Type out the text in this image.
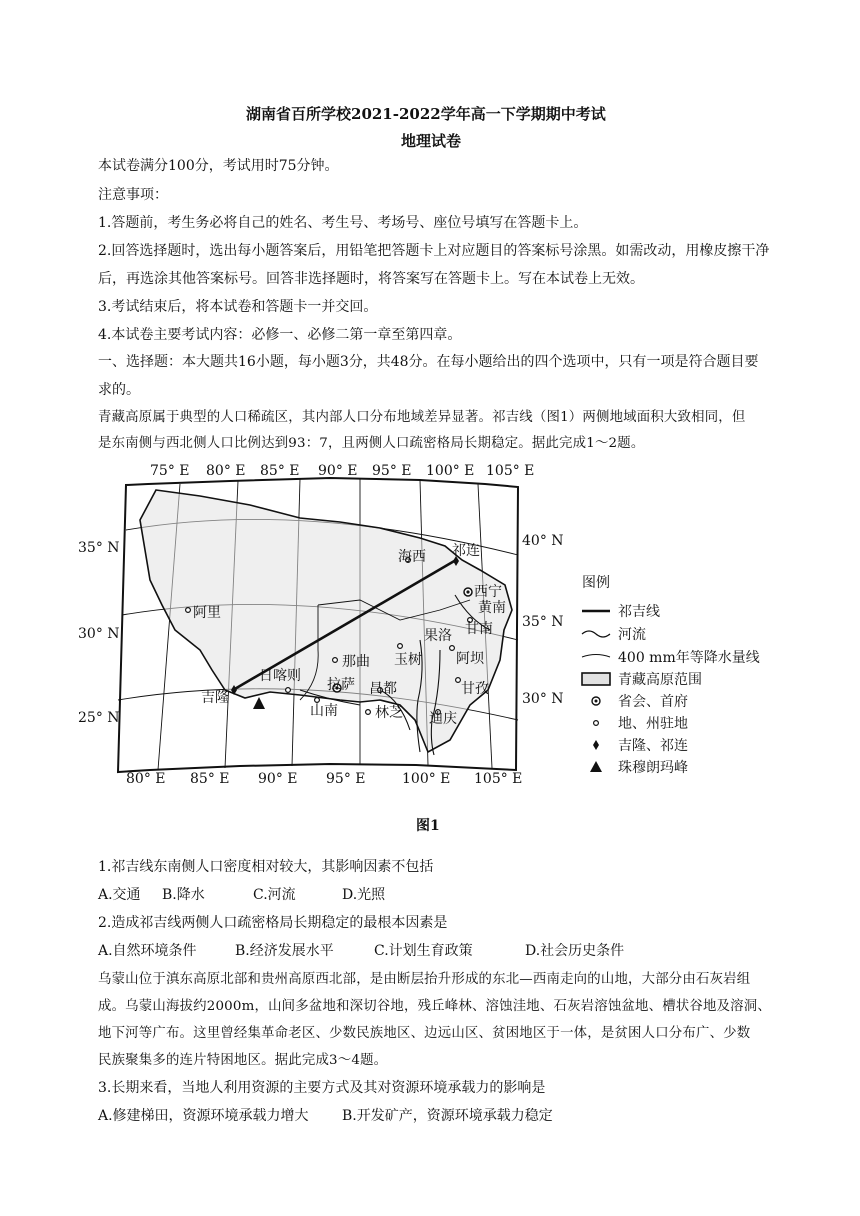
湖南省百所学校2021-2022学年高一下学期期中考试
地理试卷
本试卷满分100分，考试用时75分钟。
注意事项：
1.答题前，考生务必将自己的姓名、考生号、考场号、座位号填写在答题卡上。
2.回答选择题时，选出每小题答案后，用铅笔把答题卡上对应题目的答案标号涂黑。如需改动，用橡皮擦干净
后，再选涂其他答案标号。回答非选择题时，将答案写在答题卡上。写在本试卷上无效。
3.考试结束后，将本试卷和答题卡一并交回。
4.本试卷主要考试内容：必修一、必修二第一章至第四章。
一、选择题：本大题共16小题，每小题3分，共48分。在每小题给出的四个选项中，只有一项是符合题目要
求的。
青藏高原属于典型的人口稀疏区，其内部人口分布地域差异显著。祁吉线（图1）两侧地域面积大致相同，但
是东南侧与西北侧人口比例达到93：7，且两侧人口疏密格局长期稳定。据此完成1～2题。
祁连
海西
西宁
黄南
果洛 甘南
阿里
玉树 阿坝
那曲
日喀则
拉萨 昌都	甘孜
吉隆
山南	林芝 迪庆
75° E 80° E 85° E 90° E 95° E 100° E 105° E
80° E 85° E 90° E 95° E	100° E 105° E
35° N
30° N
25° N
40° N
35° N
30° N
图例
祁吉线
河流
400 mm年等降水量线
青藏高原范围
省会、首府
地、州驻地
吉隆、祁连
珠穆朗玛峰
图1
1.祁吉线东南侧人口密度相对较大，其影响因素不包括
A.交通 B.降水	C.河流	D.光照
2.造成祁吉线两侧人口疏密格局长期稳定的最根本因素是
A.自然环境条件	B.经济发展水平	C.计划生育政策	D.社会历史条件
乌蒙山位于滇东高原北部和贵州高原西北部，是由断层抬升形成的东北—西南走向的山地，大部分由石灰岩组
成。乌蒙山海拔约2000m，山间多盆地和深切谷地，残丘峰林、溶蚀洼地、石灰岩溶蚀盆地、槽状谷地及溶洞、
地下河等广布。这里曾经集革命老区、少数民族地区、边远山区、贫困地区于一体，是贫困人口分布广、少数
民族聚集多的连片特困地区。据此完成3～4题。
3.长期来看，当地人利用资源的主要方式及其对资源环境承载力的影响是
A.修建梯田，资源环境承载力增大 B.开发矿产，资源环境承载力稳定
